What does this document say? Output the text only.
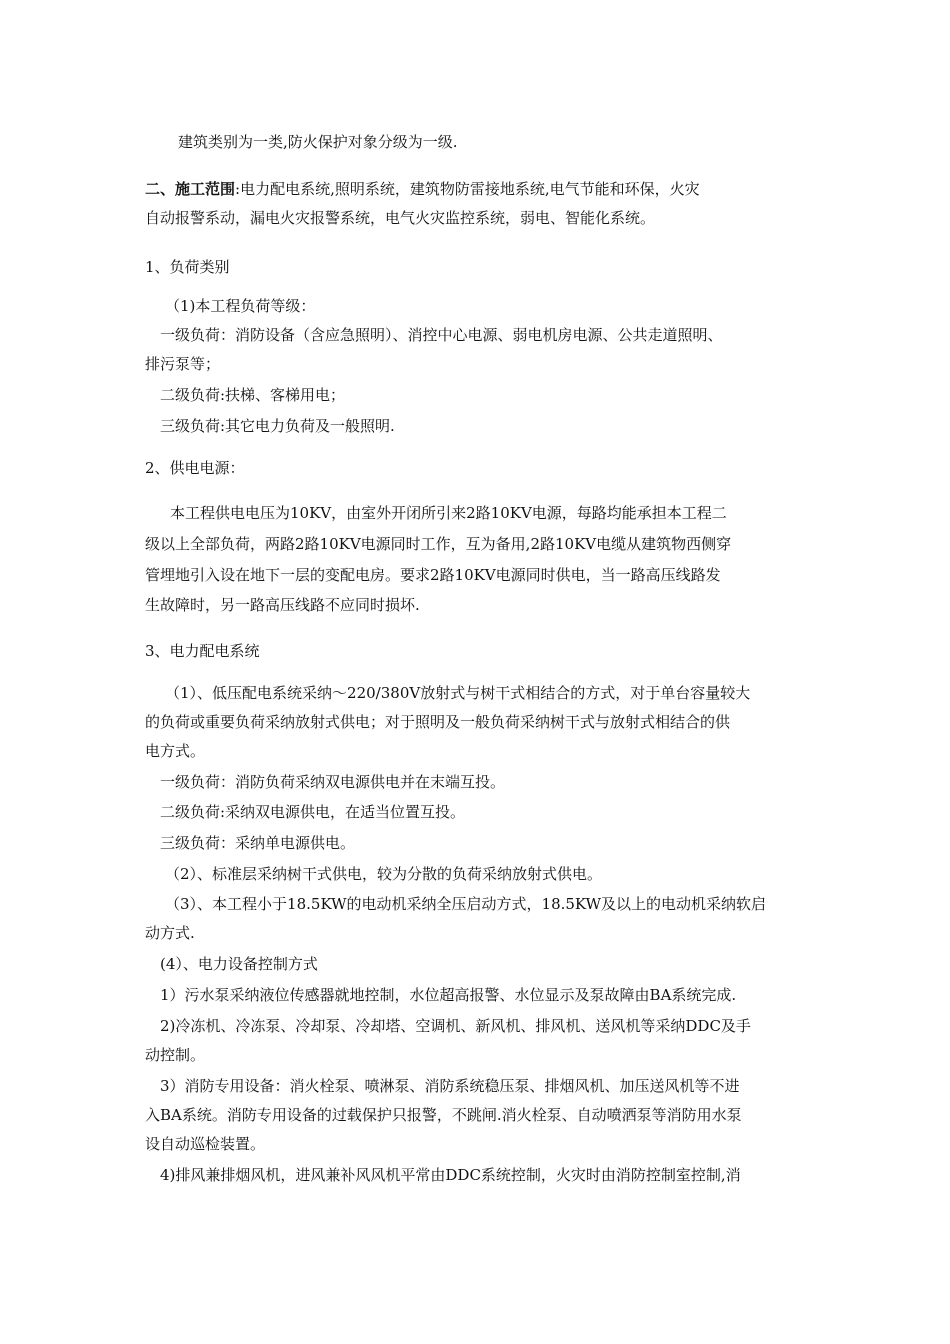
建筑类别为一类,防火保护对象分级为一级.
二、施工范围:电力配电系统,照明系统，建筑物防雷接地系统,电气节能和环保，火灾
自动报警系动，漏电火灾报警系统，电气火灾监控系统，弱电、智能化系统。
1、负荷类别
（1)本工程负荷等级：
一级负荷：消防设备（含应急照明）、消控中心电源、弱电机房电源、公共走道照明、
排污泵等；
二级负荷:扶梯、客梯用电；
三级负荷:其它电力负荷及一般照明.
2、供电电源：
本工程供电电压为10KV，由室外开闭所引来2路10KV电源，每路均能承担本工程二
级以上全部负荷，两路2路10KV电源同时工作，互为备用,2路10KV电缆从建筑物西侧穿
管埋地引入设在地下一层的变配电房。要求2路10KV电源同时供电，当一路高压线路发
生故障时，另一路高压线路不应同时损坏.
3、电力配电系统
（1）、低压配电系统采纳～220/380V放射式与树干式相结合的方式，对于单台容量较大
的负荷或重要负荷采纳放射式供电；对于照明及一般负荷采纳树干式与放射式相结合的供
电方式。
一级负荷：消防负荷采纳双电源供电并在末端互投。
二级负荷:采纳双电源供电，在适当位置互投。
三级负荷：采纳单电源供电。
（2）、标准层采纳树干式供电，较为分散的负荷采纳放射式供电。
（3）、本工程小于18.5KW的电动机采纳全压启动方式，18.5KW及以上的电动机采纳软启
动方式.
(4）、电力设备控制方式
1）污水泵采纳液位传感器就地控制，水位超高报警、水位显示及泵故障由BA系统完成.
2)冷冻机、冷冻泵、冷却泵、冷却塔、空调机、新风机、排风机、送风机等采纳DDC及手
动控制。
3）消防专用设备：消火栓泵、喷淋泵、消防系统稳压泵、排烟风机、加压送风机等不进
入BA系统。消防专用设备的过载保护只报警，不跳闸.消火栓泵、自动喷洒泵等消防用水泵
设自动巡检装置。
4)排风兼排烟风机，进风兼补风风机平常由DDC系统控制，火灾时由消防控制室控制,消
